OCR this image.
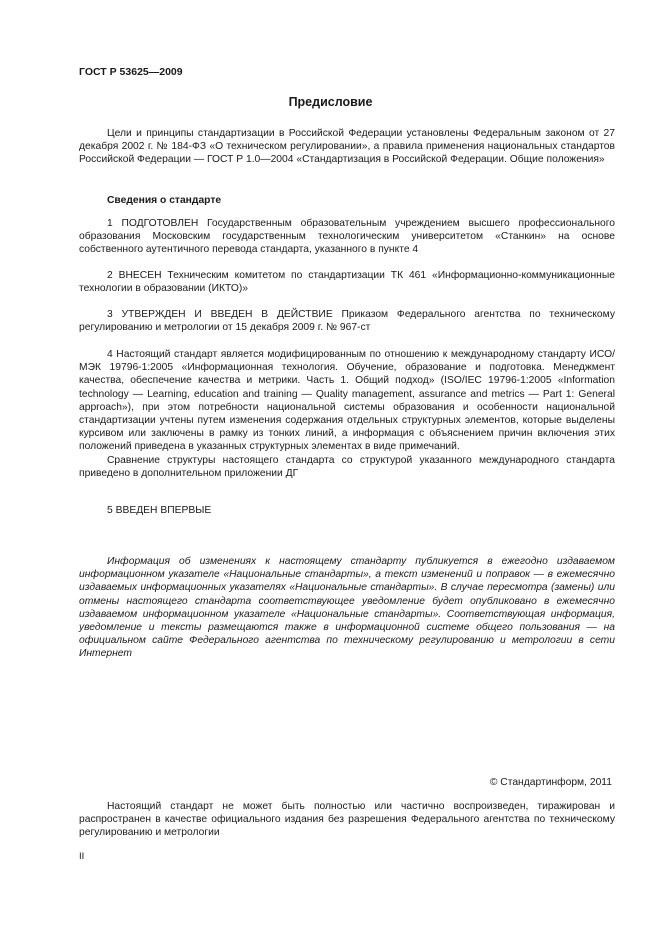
ГОСТ Р 53625—2009
Предисловие

Цели и принципы стандартизации в Российской Федерации установлены Федеральным законом от 27 декабря 2002 г. № 184-ФЗ «О техническом регулировании», а правила применения национальных стандартов Российской Федерации — ГОСТ Р 1.0—2004 «Стандартизация в Российской Федерации. Общие положения»

Сведения о стандарте

1 ПОДГОТОВЛЕН Государственным образовательным учреждением высшего профессионального образования Московским государственным технологическим университетом «Станкин» на основе собственного аутентичного перевода стандарта, указанного в пункте 4

2 ВНЕСЕН Техническим комитетом по стандартизации ТК 461 «Информационно-коммуникационные технологии в образовании (ИКТО)»

3 УТВЕРЖДЕН И ВВЕДЕН В ДЕЙСТВИЕ Приказом Федерального агентства по техническому регулированию и метрологии от 15 декабря 2009 г. № 967-ст

4 Настоящий стандарт является модифицированным по отношению к международному стандарту ИСО/МЭК 19796-1:2005 «Информационная технология. Обучение, образование и подготовка. Менеджмент качества, обеспечение качества и метрики. Часть 1. Общий подход» (ISO/IEC 19796-1:2005 «Information technology — Learning, education and training — Quality management, assurance and metrics — Part 1: General approach»), при этом потребности национальной системы образования и особенности национальной стандартизации учтены путем изменения содержания отдельных структурных элементов, которые выделены курсивом или заключены в рамку из тонких линий, а информация с объяснением причин включения этих положений приведена в указанных структурных элементах в виде примечаний.

Сравнение структуры настоящего стандарта со структурой указанного международного стандарта приведено в дополнительном приложении ДГ

5 ВВЕДЕН ВПЕРВЫЕ

Информация об изменениях к настоящему стандарту публикуется в ежегодно издаваемом информационном указателе «Национальные стандарты», а текст изменений и поправок — в ежемесячно издаваемых информационных указателях «Национальные стандарты». В случае пересмотра (замены) или отмены настоящего стандарта соответствующее уведомление будет опубликовано в ежемесячно издаваемом информационном указателе «Национальные стандарты». Соответствующая информация, уведомление и тексты размещаются также в информационной системе общего пользования — на официальном сайте Федерального агентства по техническому регулированию и метрологии в сети Интернет

© Стандартинформ, 2011

Настоящий стандарт не может быть полностью или частично воспроизведен, тиражирован и распространен в качестве официального издания без разрешения Федерального агентства по техническому регулированию и метрологии

II
